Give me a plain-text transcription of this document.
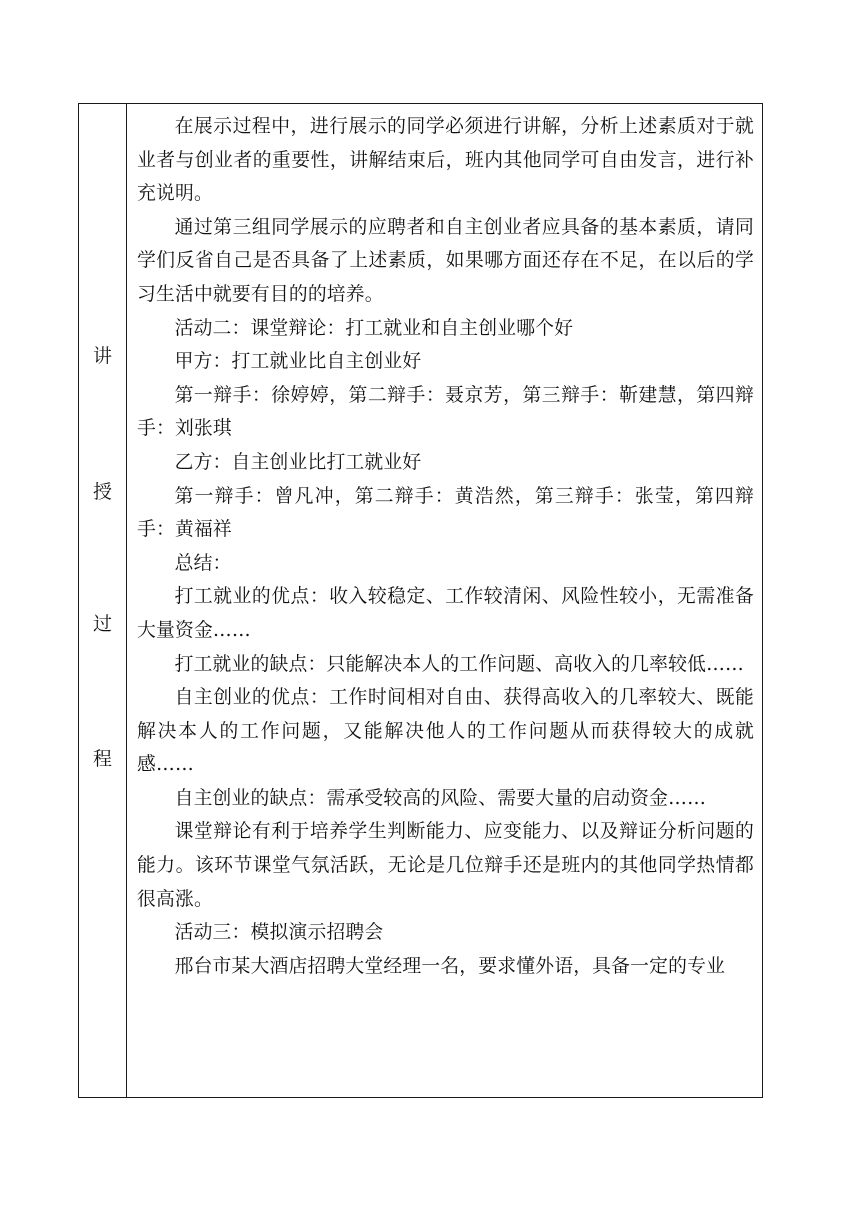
讲
授
过
程

在展示过程中，进行展示的同学必须进行讲解，分析上述素质对于就业者与创业者的重要性，讲解结束后，班内其他同学可自由发言，进行补充说明。

通过第三组同学展示的应聘者和自主创业者应具备的基本素质，请同学们反省自己是否具备了上述素质，如果哪方面还存在不足，在以后的学习生活中就要有目的的培养。

活动二：课堂辩论：打工就业和自主创业哪个好

甲方：打工就业比自主创业好

第一辩手：徐婷婷，第二辩手：聂京芳，第三辩手：靳建慧，第四辩手：刘张琪

乙方：自主创业比打工就业好

第一辩手：曾凡冲，第二辩手：黄浩然，第三辩手：张莹，第四辩手：黄福祥

总结：

打工就业的优点：收入较稳定、工作较清闲、风险性较小，无需准备大量资金……

打工就业的缺点：只能解决本人的工作问题、高收入的几率较低……

自主创业的优点：工作时间相对自由、获得高收入的几率较大、既能解决本人的工作问题，又能解决他人的工作问题从而获得较大的成就感……

自主创业的缺点：需承受较高的风险、需要大量的启动资金……

课堂辩论有利于培养学生判断能力、应变能力、以及辩证分析问题的能力。该环节课堂气氛活跃，无论是几位辩手还是班内的其他同学热情都很高涨。

活动三：模拟演示招聘会

邢台市某大酒店招聘大堂经理一名，要求懂外语，具备一定的专业
